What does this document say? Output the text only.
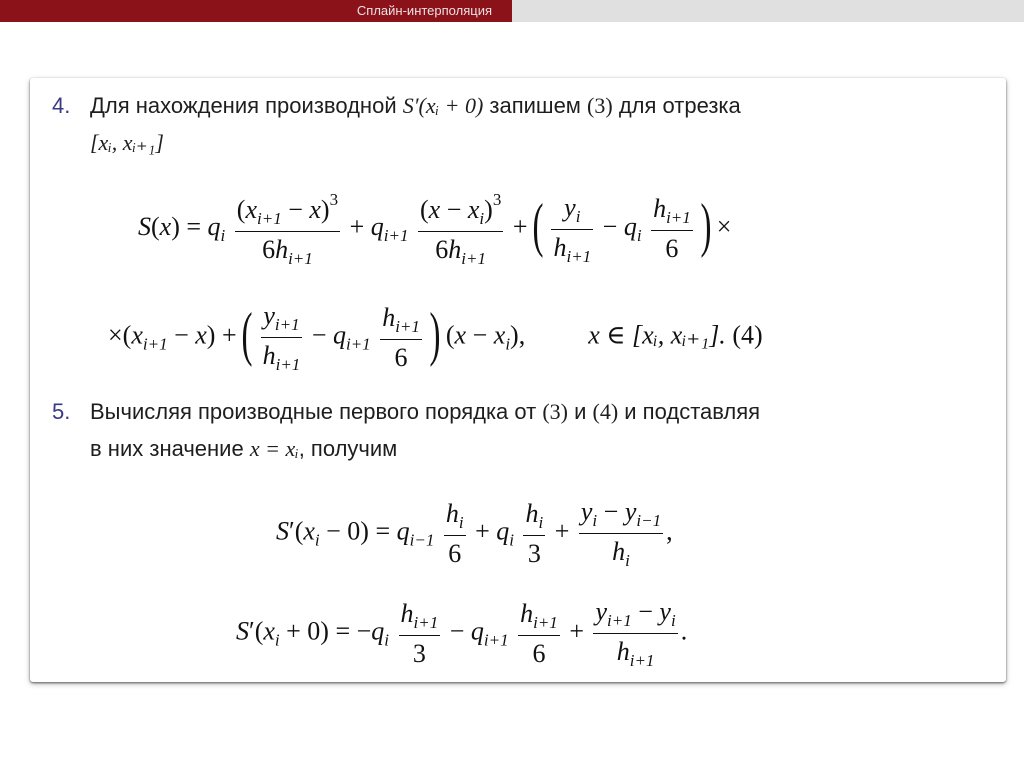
Сплайн-интерполяция
4. Для нахождения производной S′(xᵢ + 0) запишем (3) для отрезка
[xᵢ, xᵢ₊₁]
$S(x) = q_i \frac{(x_{i+1} - x)^3}{6h_{i+1}} + q_{i+1} \frac{(x - x_i)^3}{6h_{i+1}}$ + ( $\frac{y_i}{h_{i+1}} - q_i \frac{h_{i+1}}{6}$ ) ×
$\times(x_{i+1} - x)$ + ( $\frac{y_{i+1}}{h_{i+1}} - q_{i+1} \frac{h_{i+1}}{6}$ ) $(x - x_i)$,  x ∈ [xᵢ, xᵢ₊₁]. (4)
5. Вычисляя производные первого порядка от (3) и (4) и подставляя
в них значение x = xᵢ, получим
$S'(x_i - 0) = q_{i-1} \frac{h_i}{6} + q_i \frac{h_i}{3} + \frac{y_i - y_{i-1}}{h_i}$ ,
$S'(x_i + 0) = -q_i \frac{h_{i+1}}{3} - q_{i+1} \frac{h_{i+1}}{6} + \frac{y_{i+1} - y_i}{h_{i+1}}$ .
